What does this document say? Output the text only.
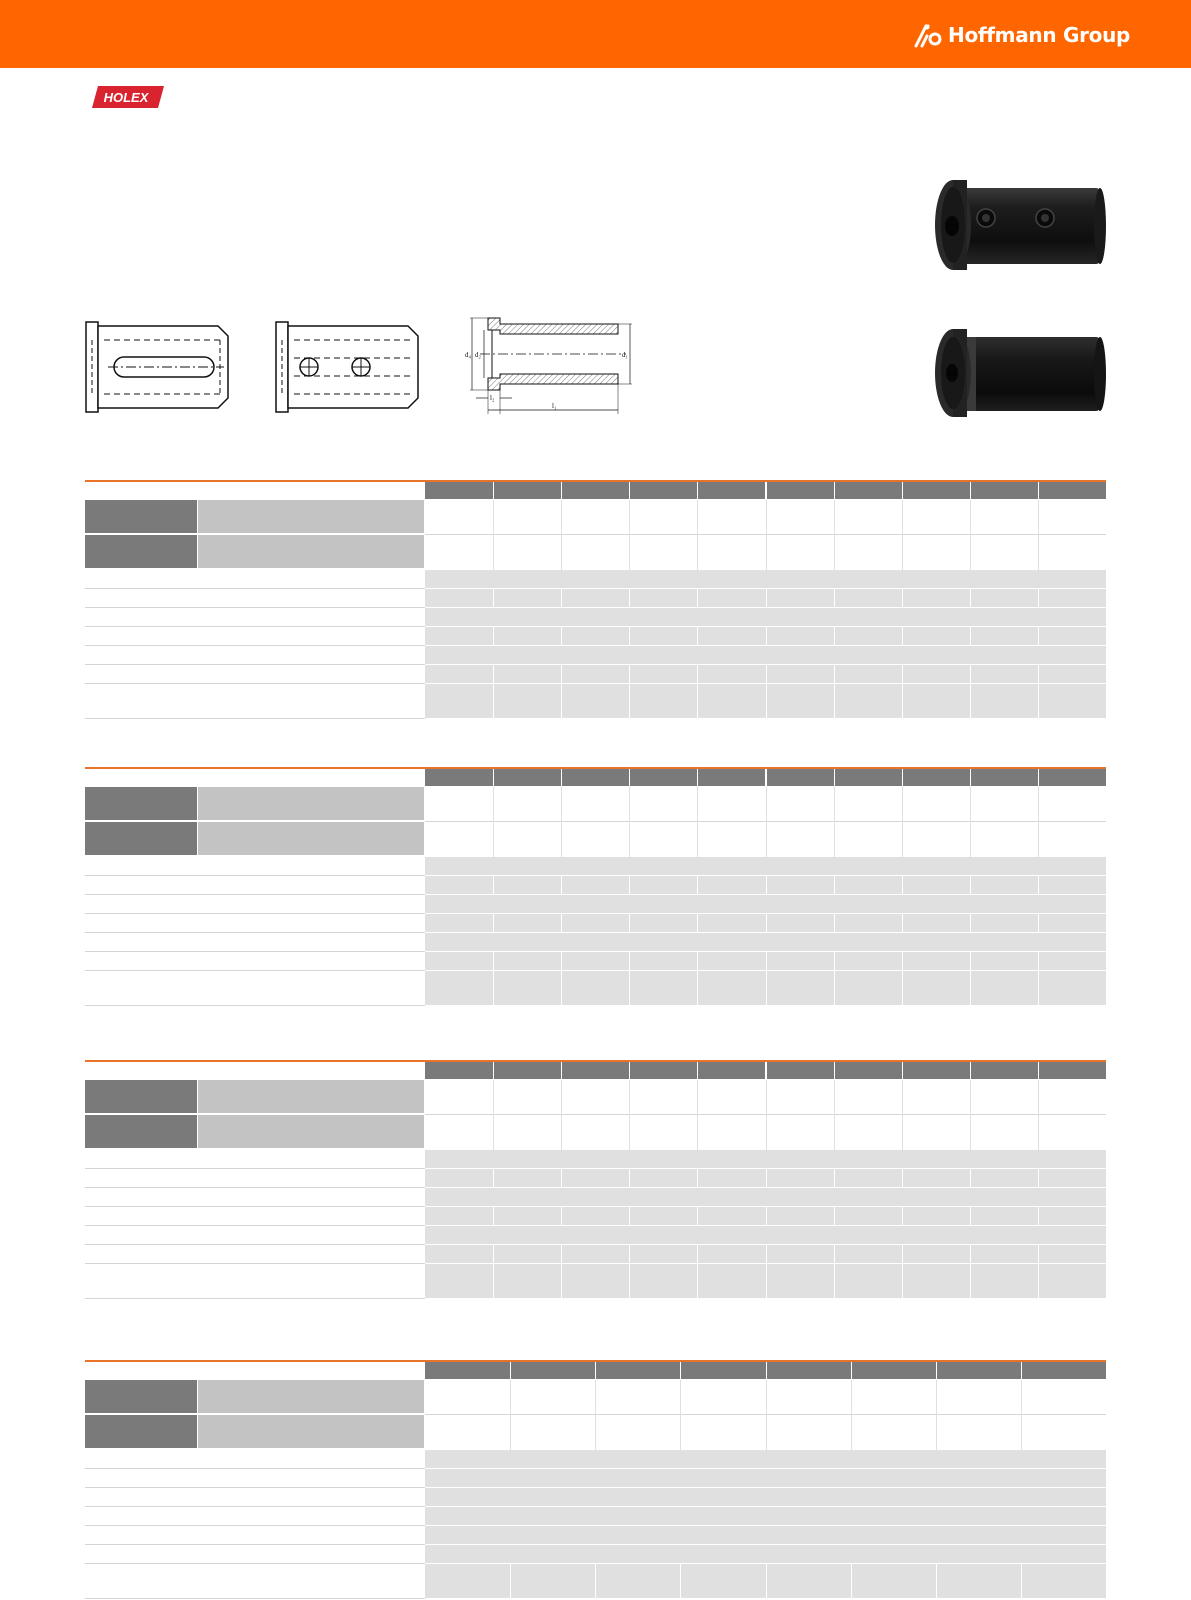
Hoffmann Group
HOLEX
d₄ d₂	d₁
l₂
l₁
